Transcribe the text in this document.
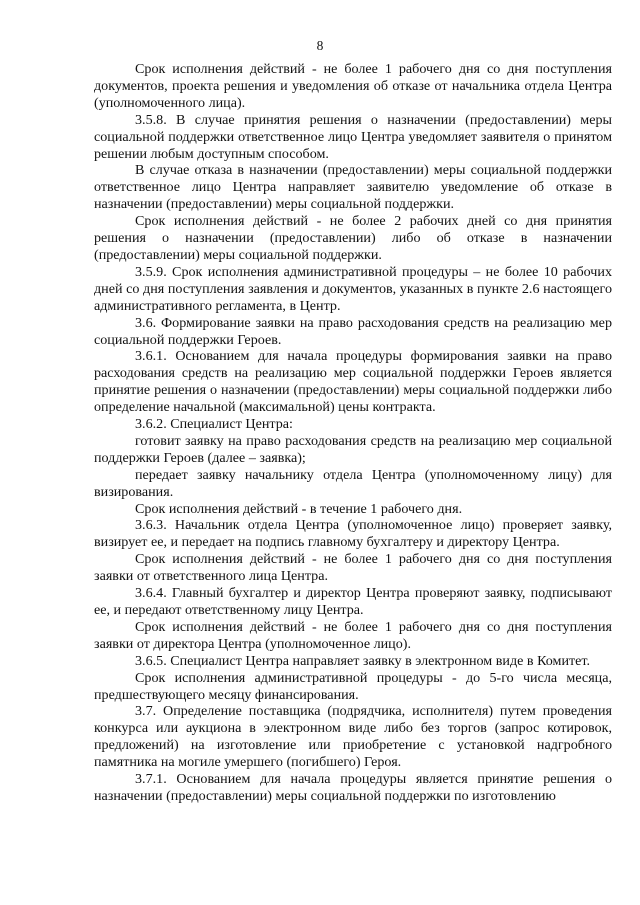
8

Срок исполнения действий - не более 1 рабочего дня со дня поступления документов, проекта решения и уведомления об отказе от начальника отдела Центра (уполномоченного лица).

3.5.8. В случае принятия решения о назначении (предоставлении) меры социальной поддержки ответственное лицо Центра уведомляет заявителя о принятом решении любым доступным способом.

В случае отказа в назначении (предоставлении) меры социальной поддержки ответственное лицо Центра направляет заявителю уведомление об отказе в назначении (предоставлении) меры социальной поддержки.

Срок исполнения действий - не более 2 рабочих дней со дня принятия решения о назначении (предоставлении) либо об отказе в назначении (предоставлении) меры социальной поддержки.

3.5.9. Срок исполнения административной процедуры – не более 10 рабочих дней со дня поступления заявления и документов, указанных в пункте 2.6 настоящего административного регламента, в Центр.

3.6. Формирование заявки на право расходования средств на реализацию мер социальной поддержки Героев.

3.6.1. Основанием для начала процедуры формирования заявки на право расходования средств на реализацию мер социальной поддержки Героев является принятие решения о назначении (предоставлении) меры социальной поддержки либо определение начальной (максимальной) цены контракта.

3.6.2. Специалист Центра:

готовит заявку на право расходования средств на реализацию мер социальной поддержки Героев (далее – заявка);

передает заявку начальнику отдела Центра (уполномоченному лицу) для визирования.

Срок исполнения действий - в течение 1 рабочего дня.

3.6.3. Начальник отдела Центра (уполномоченное лицо) проверяет заявку, визирует ее, и передает на подпись главному бухгалтеру и директору Центра.

Срок исполнения действий - не более 1 рабочего дня со дня поступления заявки от ответственного лица Центра.

3.6.4. Главный бухгалтер и директор Центра проверяют заявку, подписывают ее, и передают ответственному лицу Центра.

Срок исполнения действий - не более 1 рабочего дня со дня поступления заявки от директора Центра (уполномоченное лицо).

3.6.5. Специалист Центра направляет заявку в электронном виде в Комитет.

Срок исполнения административной процедуры - до 5-го числа месяца, предшествующего месяцу финансирования.

3.7. Определение поставщика (подрядчика, исполнителя) путем проведения конкурса или аукциона в электронном виде либо без торгов (запрос котировок, предложений) на изготовление или приобретение с установкой надгробного памятника на могиле умершего (погибшего) Героя.

3.7.1. Основанием для начала процедуры является принятие решения о назначении (предоставлении) меры социальной поддержки по изготовлению
